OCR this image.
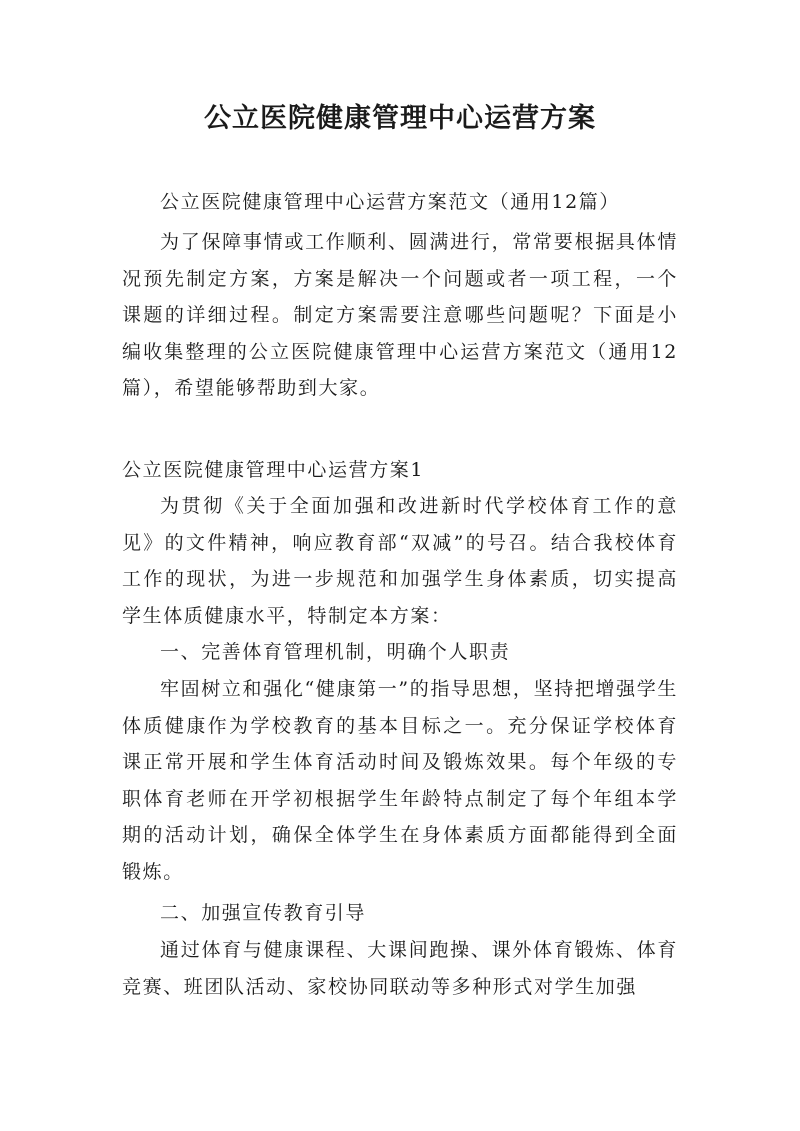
公立医院健康管理中心运营方案

公立医院健康管理中心运营方案范文（通用12篇）

为了保障事情或工作顺利、圆满进行，常常要根据具体情况预先制定方案，方案是解决一个问题或者一项工程，一个课题的详细过程。制定方案需要注意哪些问题呢？下面是小编收集整理的公立医院健康管理中心运营方案范文（通用12篇），希望能够帮助到大家。

公立医院健康管理中心运营方案1

为贯彻《关于全面加强和改进新时代学校体育工作的意见》的文件精神，响应教育部“双减”的号召。结合我校体育工作的现状，为进一步规范和加强学生身体素质，切实提高学生体质健康水平，特制定本方案：

一、完善体育管理机制，明确个人职责

牢固树立和强化“健康第一”的指导思想，坚持把增强学生体质健康作为学校教育的基本目标之一。充分保证学校体育课正常开展和学生体育活动时间及锻炼效果。每个年级的专职体育老师在开学初根据学生年龄特点制定了每个年组本学期的活动计划，确保全体学生在身体素质方面都能得到全面锻炼。

二、加强宣传教育引导

通过体育与健康课程、大课间跑操、课外体育锻炼、体育竞赛、班团队活动、家校协同联动等多种形式对学生加强
